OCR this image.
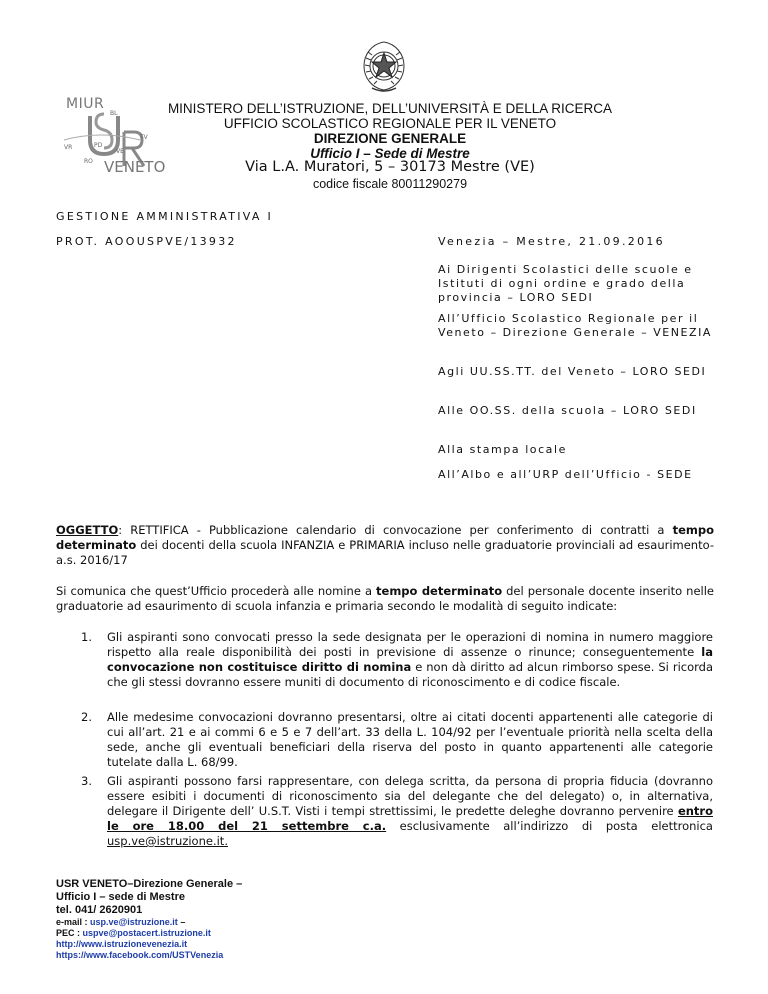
MIUR
BL
TV
VR	PD
VE
RO VENETO
MINISTERO DELL’ISTRUZIONE, DELL’UNIVERSITÀ E DELLA RICERCA
UFFICIO SCOLASTICO REGIONALE PER IL VENETO
DIREZIONE GENERALE
Ufficio I – Sede di Mestre
Via L.A. Muratori, 5 – 30173 Mestre (VE)
codice fiscale 80011290279
GESTIONE AMMINISTRATIVA I
PROT. AOOUSPVE/13932	Venezia – Mestre, 21.09.2016
Ai Dirigenti Scolastici delle scuole e Istituti di ogni ordine e grado della provincia – LORO SEDI
All’Ufficio Scolastico Regionale per il Veneto – Direzione Generale – VENEZIA
Agli UU.SS.TT. del Veneto – LORO SEDI
Alle OO.SS. della scuola – LORO SEDI
Alla stampa locale
All’Albo e all’URP dell’Ufficio - SEDE
OGGETTO: RETTIFICA - Pubblicazione calendario di convocazione per conferimento di contratti a tempo determinato dei docenti della scuola INFANZIA e PRIMARIA incluso nelle graduatorie provinciali ad esaurimento- a.s. 2016/17
Si comunica che quest’Ufficio procederà alle nomine a tempo determinato del personale docente inserito nelle graduatorie ad esaurimento di scuola infanzia e primaria secondo le modalità di seguito indicate:
1.	Gli aspiranti sono convocati presso la sede designata per le operazioni di nomina in numero maggiore rispetto alla reale disponibilità dei posti in previsione di assenze o rinunce; conseguentemente la convocazione non costituisce diritto di nomina e non dà diritto ad alcun rimborso spese. Si ricorda che gli stessi dovranno essere muniti di documento di riconoscimento e di codice fiscale.
2.	Alle medesime convocazioni dovranno presentarsi, oltre ai citati docenti appartenenti alle categorie di cui all’art. 21 e ai commi 6 e 5 e 7 dell’art. 33 della L. 104/92 per l’eventuale priorità nella scelta della sede, anche gli eventuali beneficiari della riserva del posto in quanto appartenenti alle categorie tutelate dalla L. 68/99.
3.	Gli aspiranti possono farsi rappresentare, con delega scritta, da persona di propria fiducia (dovranno essere esibiti i documenti di riconoscimento sia del delegante che del delegato) o, in alternativa, delegare il Dirigente dell’ U.S.T. Visti i tempi strettissimi, le predette deleghe dovranno pervenire entro le ore 18.00 del 21 settembre c.a. esclusivamente all’indirizzo di posta elettronica usp.ve@istruzione.it.
USR VENETO–Direzione Generale –
Ufficio I – sede di Mestre
tel. 041/ 2620901
e-mail : usp.ve@istruzione.it –
PEC : uspve@postacert.istruzione.it
http://www.istruzionevenezia.it
https://www.facebook.com/USTVenezia
